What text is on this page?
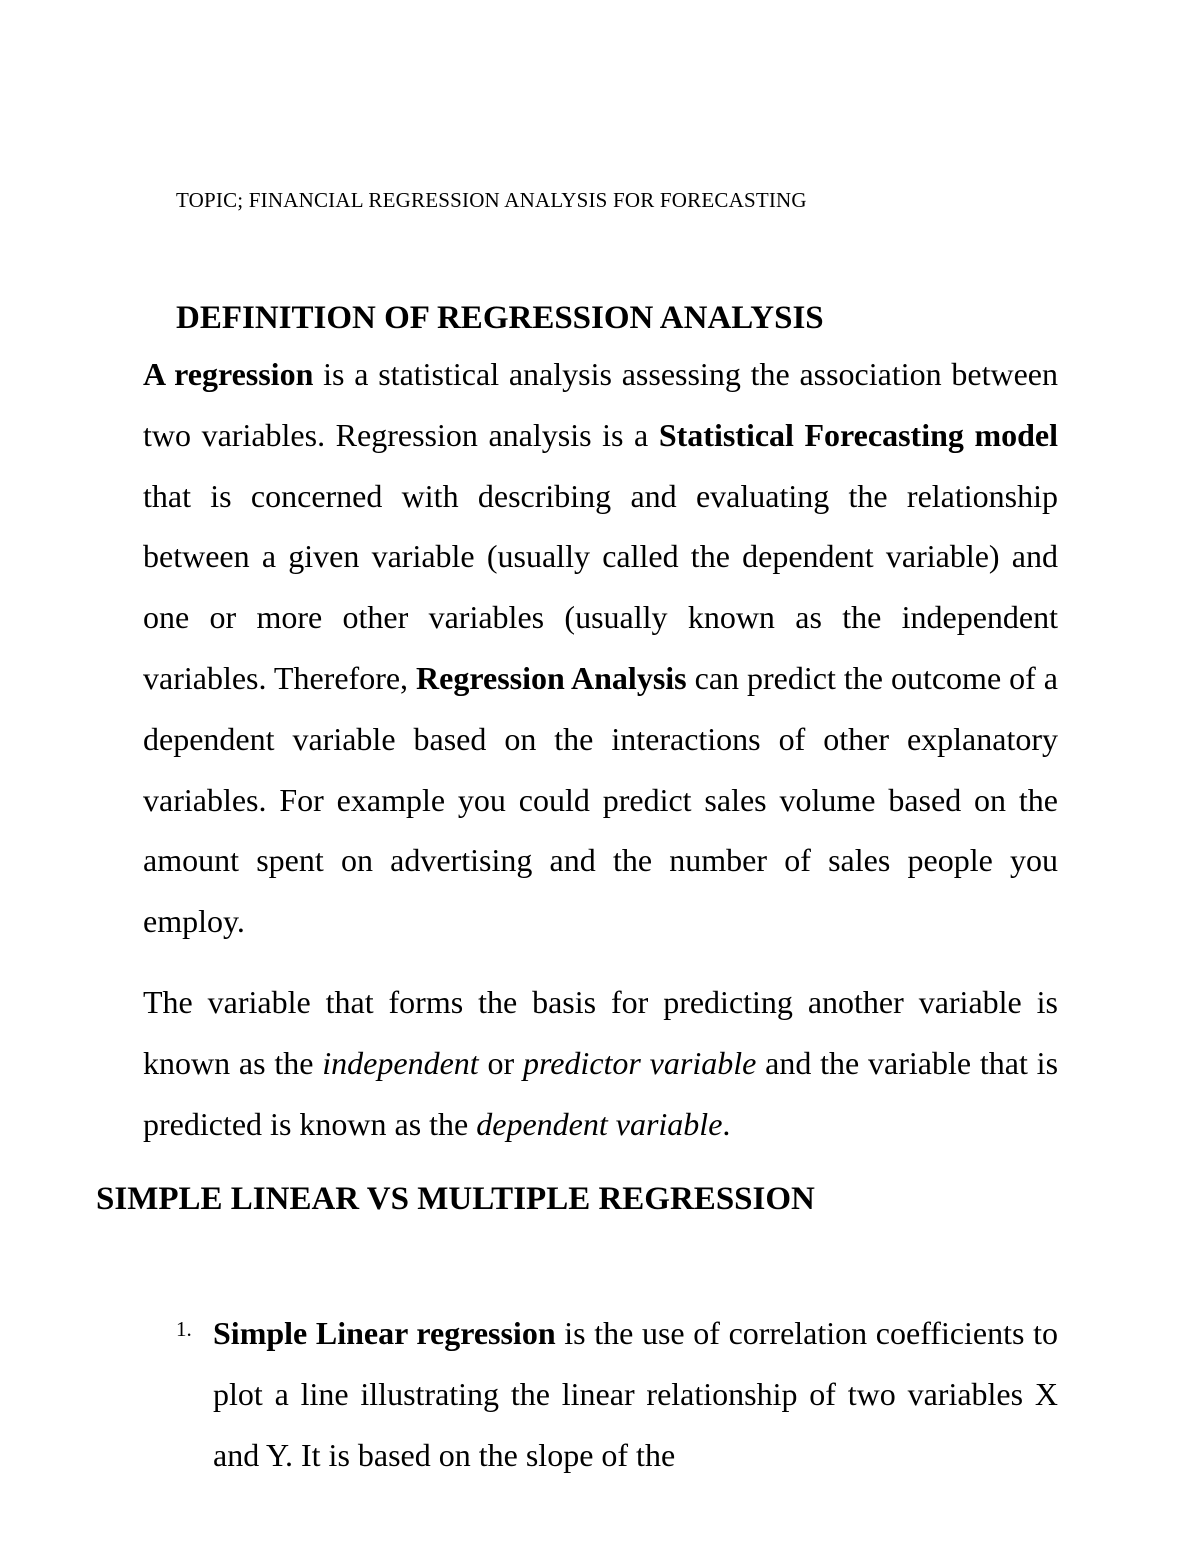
TOPIC; FINANCIAL REGRESSION ANALYSIS FOR FORECASTING
DEFINITION OF REGRESSION ANALYSIS

A regression is a statistical analysis assessing the association between two variables. Regression analysis is a Statistical Forecasting model that is concerned with describing and evaluating the relationship between a given variable (usually called the dependent variable) and one or more other variables (usually known as the independent variables. Therefore, Regression Analysis can predict the outcome of a dependent variable based on the interactions of other explanatory variables. For example you could predict sales volume based on the amount spent on advertising and the number of sales people you employ.

The variable that forms the basis for predicting another variable is known as the independent or predictor variable and the variable that is predicted is known as the dependent variable.

SIMPLE LINEAR VS MULTIPLE REGRESSION
1. Simple Linear regression is the use of correlation coefficients to plot a line illustrating the linear relationship of two variables X and Y. It is based on the slope of the
